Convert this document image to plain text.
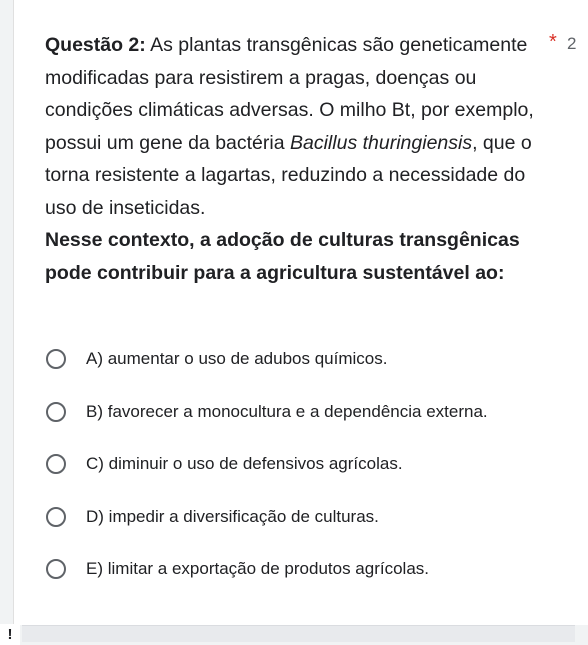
Questão 2: As plantas transgênicas são geneticamente modificadas para resistirem a pragas, doenças ou condições climáticas adversas. O milho Bt, por exemplo, possui um gene da bactéria Bacillus thuringiensis, que o torna resistente a lagartas, reduzindo a necessidade do uso de inseticidas.
Nesse contexto, a adoção de culturas transgênicas pode contribuir para a agricultura sustentável ao:
* 2
A) aumentar o uso de adubos químicos.
B) favorecer a monocultura e a dependência externa.
C) diminuir o uso de defensivos agrícolas.
D) impedir a diversificação de culturas.
E) limitar a exportação de produtos agrícolas.
!
